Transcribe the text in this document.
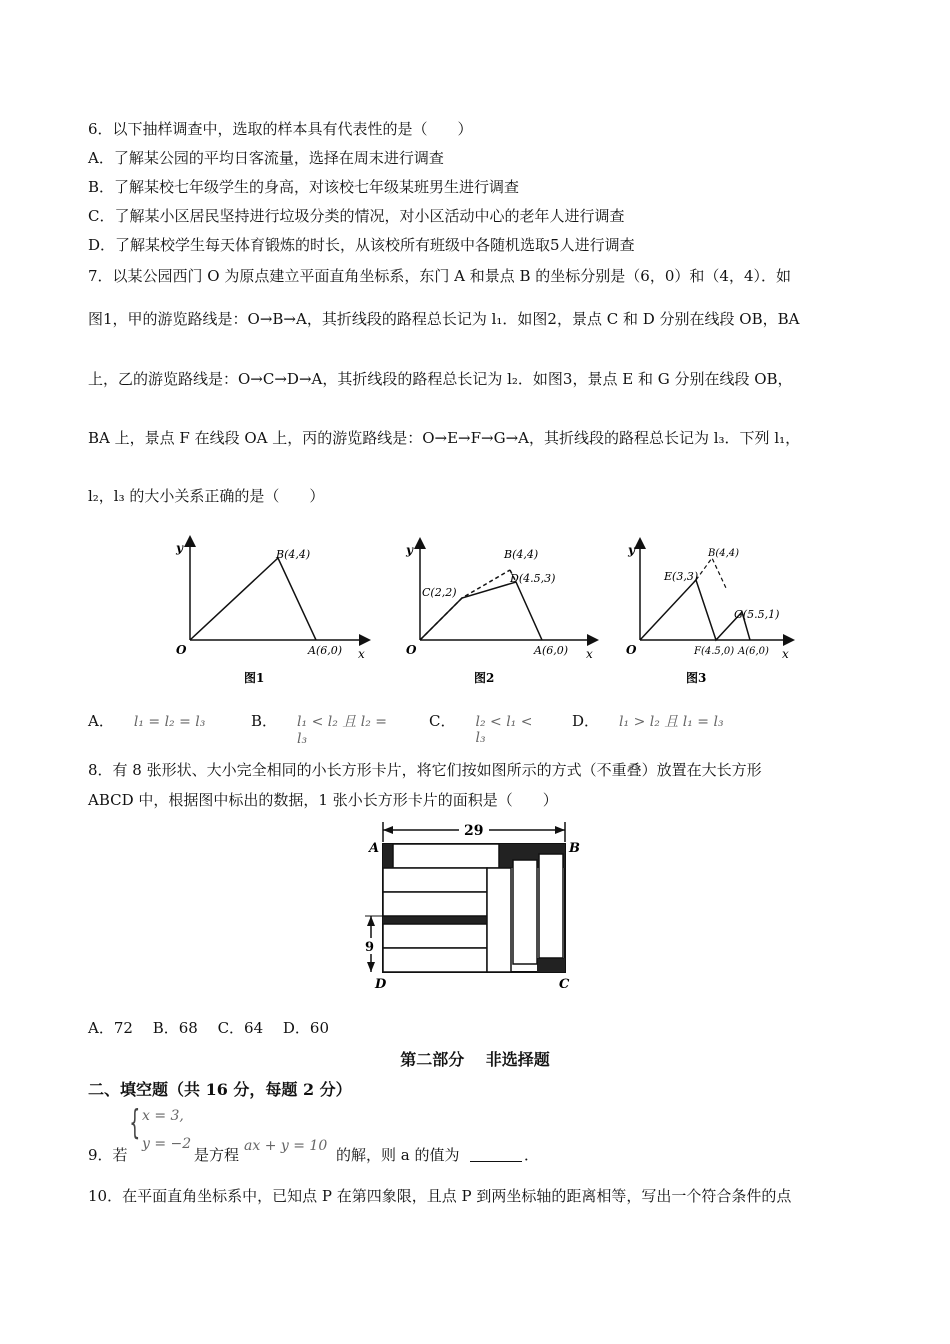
6．以下抽样调查中，选取的样本具有代表性的是（　　）
A．了解某公园的平均日客流量，选择在周末进行调查
B．了解某校七年级学生的身高，对该校七年级某班男生进行调查
C．了解某小区居民坚持进行垃圾分类的情况，对小区活动中心的老年人进行调查
D．了解某校学生每天体育锻炼的时长，从该校所有班级中各随机选取5人进行调查
7．以某公园西门 O 为原点建立平面直角坐标系，东门 A 和景点 B 的坐标分别是（6，0）和（4，4）．如
图1，甲的游览路线是：O→B→A，其折线段的路程总长记为 l₁．如图2，景点 C 和 D 分别在线段 OB，BA
上，乙的游览路线是：O→C→D→A，其折线段的路程总长记为 l₂．如图3，景点 E 和 G 分别在线段 OB，
BA 上，景点 F 在线段 OA 上，丙的游览路线是：O→E→F→G→A，其折线段的路程总长记为 l₃．下列 l₁，
l₂，l₃ 的大小关系正确的是（　　）
y
x
O
B(4,4)
A(6,0)
图1
y
x
O
B(4,4)
D(4.5,3)
C(2,2)
A(6,0)
图2
y
x
O
B(4,4)
E(3,3)
G(5.5,1)
F(4.5,0) A(6,0)
图3
A． l₁ = l₂ = l₃	B． l₁ < l₂ 且 l₂ = l₃
C． l₂ < l₁ < l₃
D． l₁ > l₂ 且 l₁ = l₃
8．有 8 张形状、大小完全相同的小长方形卡片，将它们按如图所示的方式（不重叠）放置在大长方形
ABCD 中，根据图中标出的数据，1 张小长方形卡片的面积是（　　）
29
9
A	B
C
D
A．72　 B．68　 C．64　 D．60
第二部分　 非选择题
二、填空题（共 16 分，每题 2 分）
9．若
{ x = 3,
y = −2
是方程 ax + y = 10 的解，则 a 的值为	．
10．在平面直角坐标系中，已知点 P 在第四象限，且点 P 到两坐标轴的距离相等，写出一个符合条件的点
